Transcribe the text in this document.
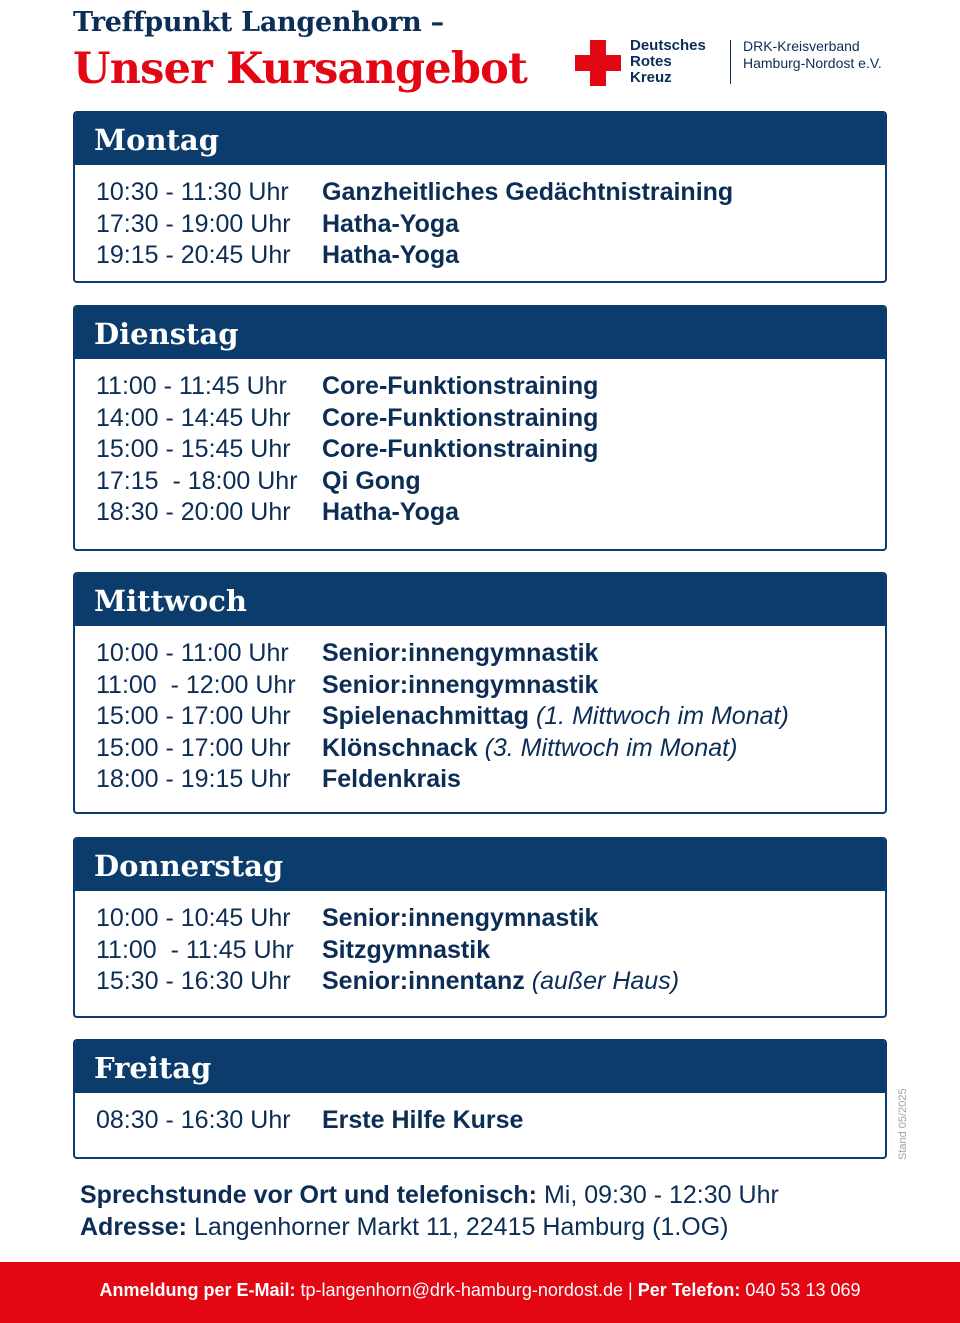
Treffpunkt Langenhorn –
Unser Kursangebot	Deutsches
Rotes
Kreuz
DRK-Kreisverband
Hamburg-Nordost e.V.
Montag
10:30 - 11:30 Uhr	Ganzheitliches Gedächtnistraining
17:30 - 19:00 Uhr	Hatha-Yoga
19:15 - 20:45 Uhr	Hatha-Yoga
Dienstag
11:00 - 11:45 Uhr	Core-Funktionstraining
14:00 - 14:45 Uhr	Core-Funktionstraining
15:00 - 15:45 Uhr	Core-Funktionstraining
17:15  - 18:00 Uhr Qi Gong
18:30 - 20:00 Uhr	Hatha-Yoga
Mittwoch
10:00 - 11:00 Uhr	Senior:innengymnastik
11:00  - 12:00 Uhr	Senior:innengymnastik
15:00 - 17:00 Uhr	Spielenachmittag (1. Mittwoch im Monat)
15:00 - 17:00 Uhr	Klönschnack (3. Mittwoch im Monat)
18:00 - 19:15 Uhr	Feldenkrais
Donnerstag
10:00 - 10:45 Uhr	Senior:innengymnastik
11:00  - 11:45 Uhr	Sitzgymnastik
15:30 - 16:30 Uhr	Senior:innentanz (außer Haus)
Freitag
08:30 - 16:30 Uhr	Erste Hilfe Kurse	Stand 05/2025
Sprechstunde vor Ort und telefonisch: Mi, 09:30 - 12:30 Uhr
Adresse: Langenhorner Markt 11, 22415 Hamburg (1.OG)
Anmeldung per E-Mail: tp-langenhorn@drk-hamburg-nordost.de | Per Telefon: 040 53 13 069
